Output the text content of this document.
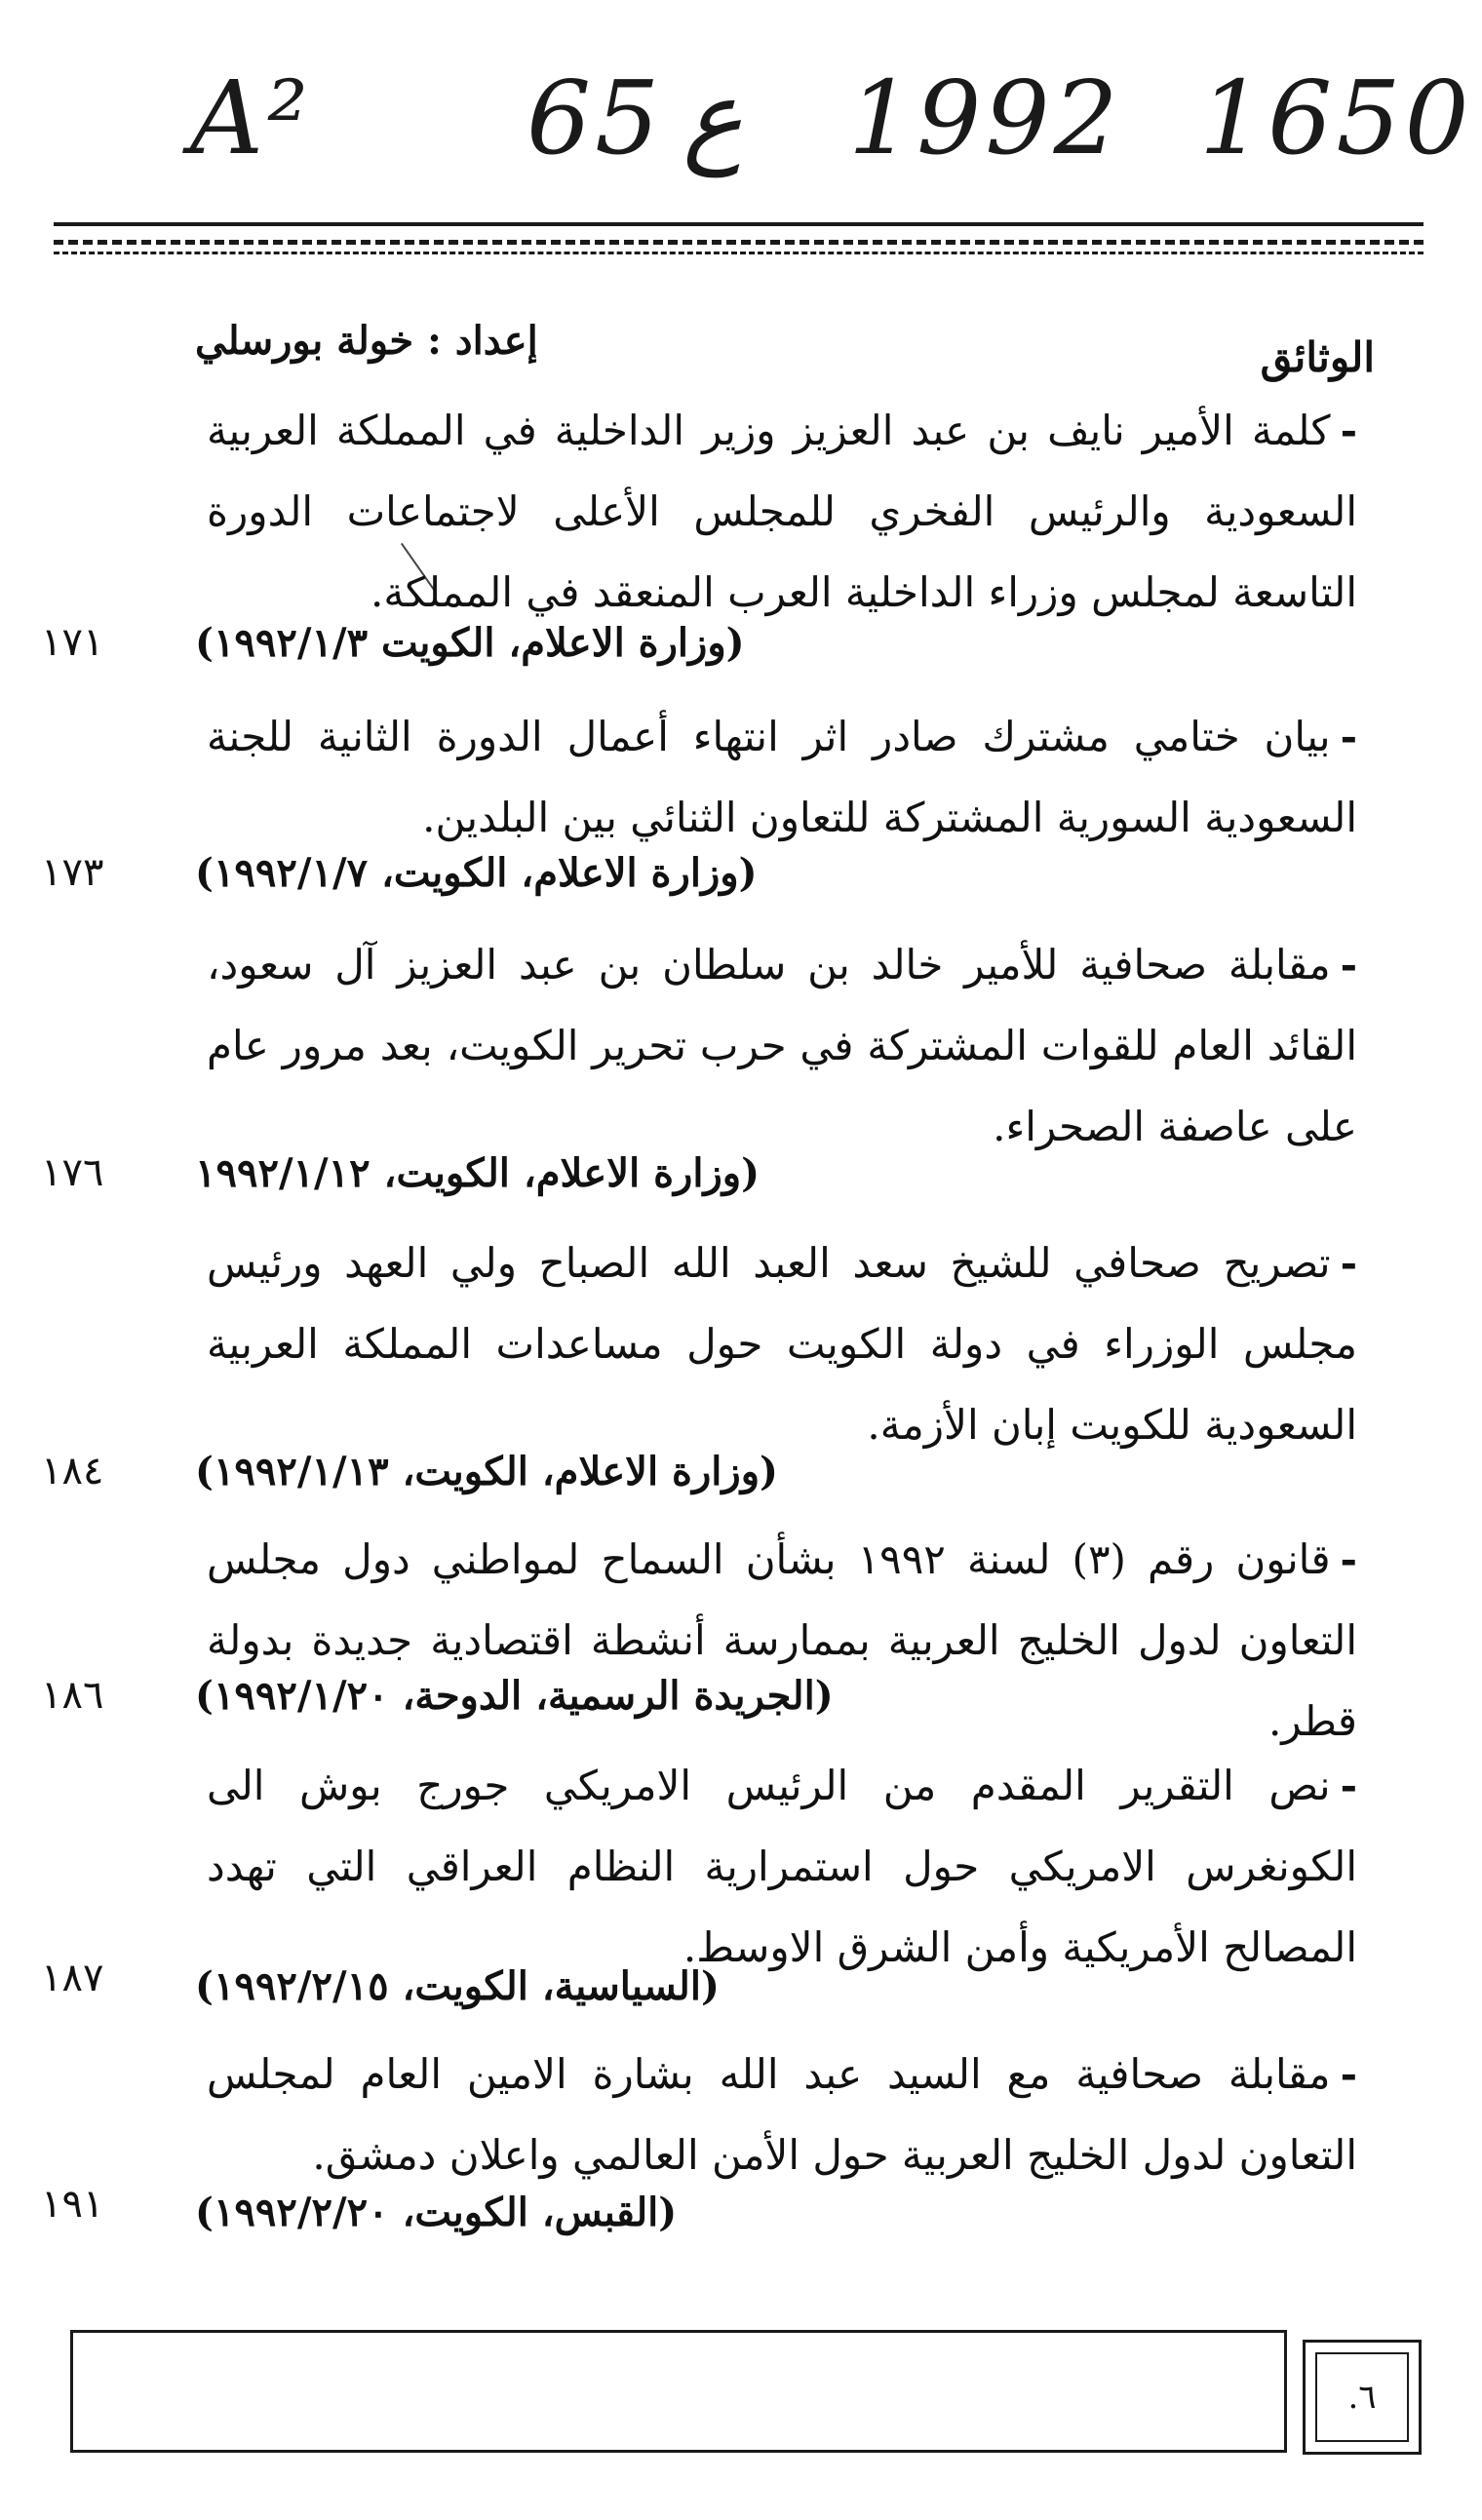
A² 65 ع 1992 1650
إعداد : خولة بورسلي	الوثائق
-كلمة الأمير نايف بن عبد العزيز وزير الداخلية في المملكة العربية السعودية والرئيس الفخري للمجلس الأعلى لاجتماعات الدورة التاسعة لمجلس وزراء الداخلية العرب المنعقد في المملكة.
(وزارة الاعلام، الكويت ١٩٩٢/١/٣)
١٧١
-بيان ختامي مشترك صادر اثر انتهاء أعمال الدورة الثانية للجنة السعودية السورية المشتركة للتعاون الثنائي بين البلدين.
(وزارة الاعلام، الكويت، ١٩٩٢/١/٧)
١٧٣
-مقابلة صحافية للأمير خالد بن سلطان بن عبد العزيز آل سعود، القائد العام للقوات المشتركة في حرب تحرير الكويت، بعد مرور عام على عاصفة الصحراء.
(وزارة الاعلام، الكويت، ١٩٩٢/١/١٢
١٧٦
-تصريح صحافي للشيخ سعد العبد الله الصباح ولي العهد ورئيس مجلس الوزراء في دولة الكويت حول مساعدات المملكة العربية السعودية للكويت إبان الأزمة.
(وزارة الاعلام، الكويت، ١٩٩٢/١/١٣)
١٨٤
-قانون رقم (٣) لسنة ١٩٩٢ بشأن السماح لمواطني دول مجلس التعاون لدول الخليج العربية بممارسة أنشطة اقتصادية جديدة بدولة قطر.
(الجريدة الرسمية، الدوحة، ١٩٩٢/١/٢٠)
١٨٦
-نص التقرير المقدم من الرئيس الامريكي جورج بوش الى الكونغرس الامريكي حول استمرارية النظام العراقي التي تهدد المصالح الأمريكية وأمن الشرق الاوسط.
(السياسية، الكويت، ١٩٩٢/٢/١٥)
١٨٧
-مقابلة صحافية مع السيد عبد الله بشارة الامين العام لمجلس التعاون لدول الخليج العربية حول الأمن العالمي واعلان دمشق.
(القبس، الكويت، ١٩٩٢/٢/٢٠)
١٩١
٦.
